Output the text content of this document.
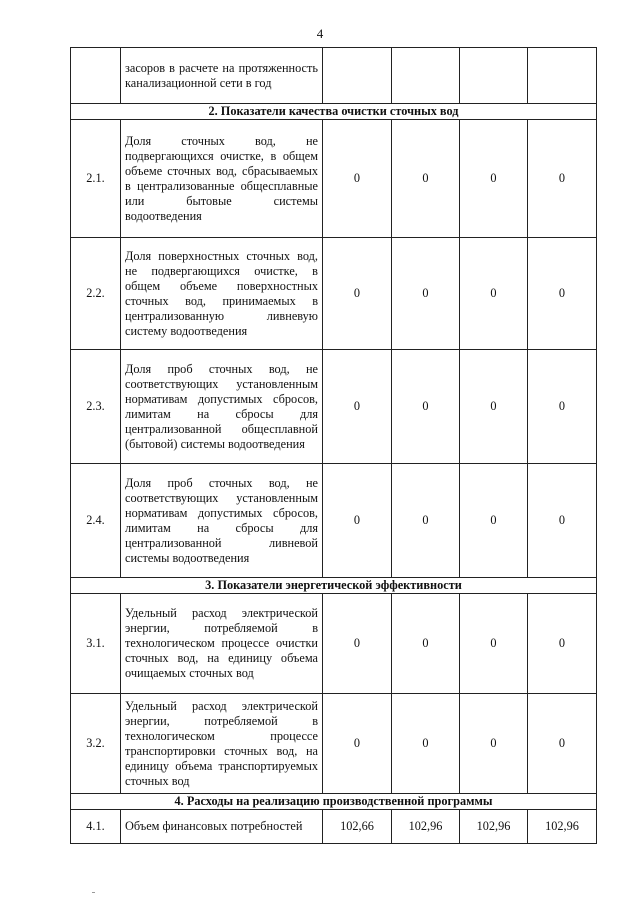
4
	засоров в расчете на протяженность канализационной сети в год				
2. Показатели качества очистки сточных вод					
2.1.	Доля сточных вод, не подвергающихся очистке, в общем объеме сточных вод, сбрасываемых в централизованные общесплавные или бытовые системы водоотведения	0	0	0	0
2.2.	Доля поверхностных сточных вод, не подвергающихся очистке, в общем объеме поверхностных сточных вод, принимаемых в централизованную ливневую систему водоотведения	0	0	0	0
2.3.	Доля проб сточных вод, не соответствующих установленным нормативам допустимых сбросов, лимитам на сбросы для централизованной общесплавной (бытовой) системы водоотведения	0	0	0	0
2.4.	Доля проб сточных вод, не соответствующих установленным нормативам допустимых сбросов, лимитам на сбросы для централизованной ливневой системы водоотведения	0	0	0	0
3. Показатели энергетической эффективности					
3.1.	Удельный расход электрической энергии, потребляемой в технологическом процессе очистки сточных вод, на единицу объема очищаемых сточных вод	0	0	0	0
3.2.	Удельный расход электрической энергии, потребляемой в технологическом процессе транспортировки сточных вод, на единицу объема транспортируемых сточных вод	0	0	0	0
4. Расходы на реализацию производственной программы					
4.1.	Объем финансовых потребностей	102,66	102,96	102,96	102,96
